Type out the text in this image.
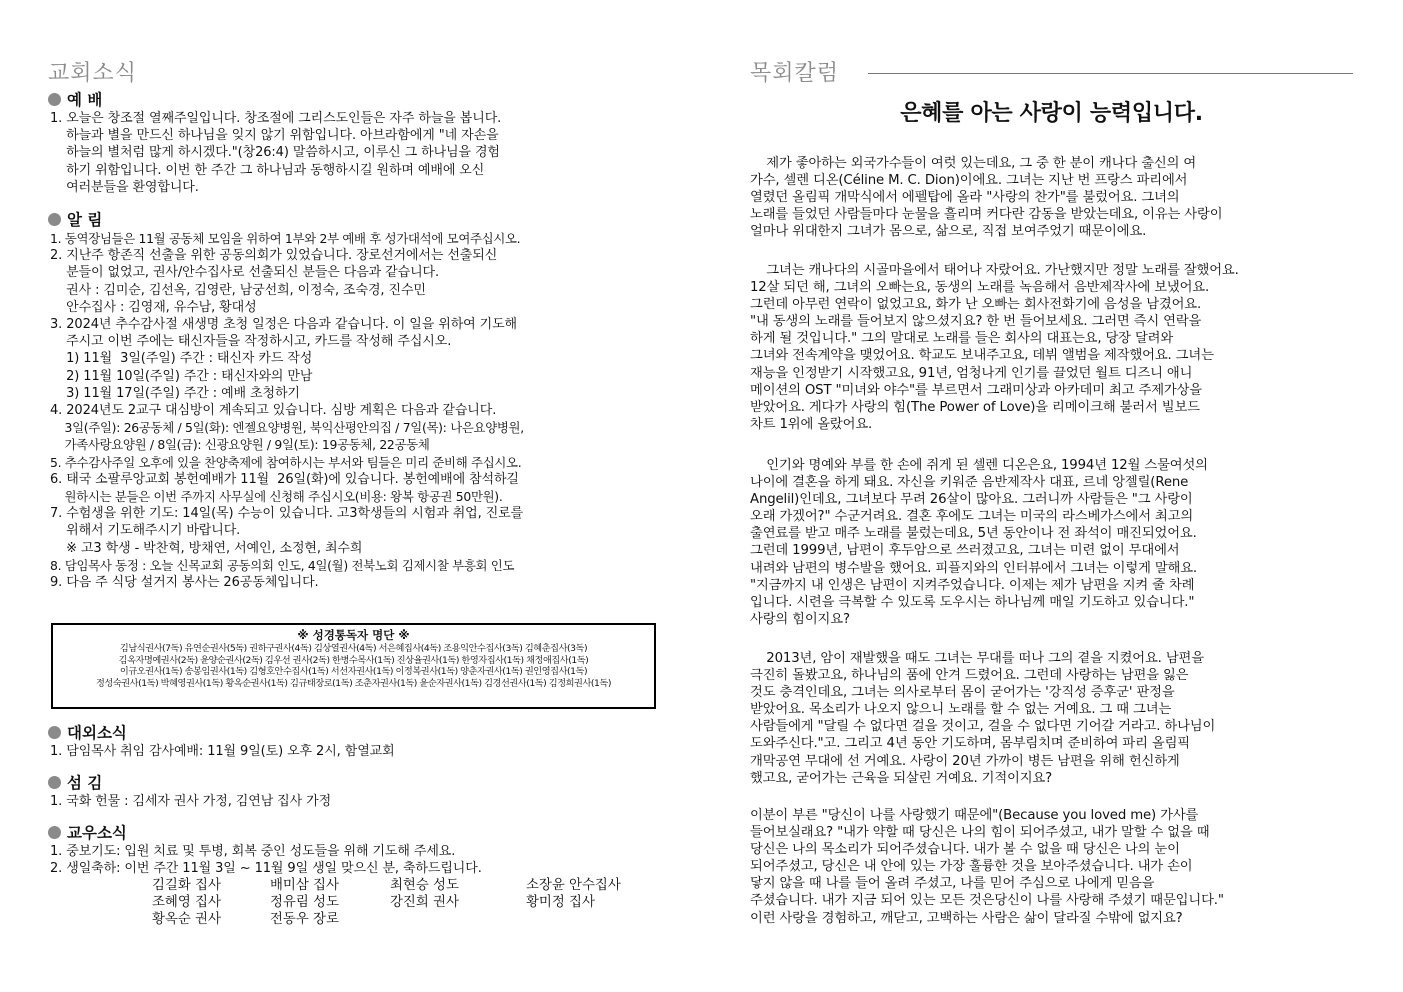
교회소식
예 배
1. 오늘은 창조절 열째주일입니다. 창조절에 그리스도인들은 자주 하늘을 봅니다.
하늘과 별을 만드신 하나님을 잊지 않기 위함입니다. 아브라함에게 "네 자손을
하늘의 별처럼 많게 하시겠다."(창26:4) 말씀하시고, 이루신 그 하나님을 경험
하기 위함입니다. 이번 한 주간 그 하나님과 동행하시길 원하며 예배에 오신
여러분들을 환영합니다.
알 림
1. 동역장님들은 11월 공동체 모임을 위하여 1부와 2부 예배 후 성가대석에 모여주십시오.
2. 지난주 항존직 선출을 위한 공동의회가 있었습니다. 장로선거에서는 선출되신
분들이 없었고, 권사/안수집사로 선출되신 분들은 다음과 같습니다.
권사 : 김미순, 김선옥, 김영란, 남궁선희, 이정숙, 조숙경, 진수민
안수집사 : 김영재, 유수남, 황대성
3. 2024년 추수감사절 새생명 초청 일정은 다음과 같습니다. 이 일을 위하여 기도해
주시고 이번 주에는 태신자들을 작정하시고, 카드를 작성해 주십시오.
1) 11월  3일(주일) 주간 : 태신자 카드 작성
2) 11월 10일(주일) 주간 : 태신자와의 만남
3) 11월 17일(주일) 주간 : 예배 초청하기
4. 2024년도 2교구 대심방이 계속되고 있습니다. 심방 계획은 다음과 같습니다.
3일(주일): 26공동체 / 5일(화): 엔젤요양병원, 북익산평안의집 / 7일(목): 나은요양병원,
가족사랑요양원 / 8일(금): 신광요양원 / 9일(토): 19공동체, 22공동체
5. 추수감사주일 오후에 있을 찬양축제에 참여하시는 부서와 팀들은 미리 준비해 주십시오.
6. 태국 소팔루앙교회 봉헌예배가 11월  26일(화)에 있습니다. 봉헌예배에 참석하길
원하시는 분들은 이번 주까지 사무실에 신청해 주십시오(비용: 왕복 항공권 50만원).
7. 수험생을 위한 기도: 14일(목) 수능이 있습니다. 고3학생들의 시험과 취업, 진로를
위해서 기도해주시기 바랍니다.
※ 고3 학생 - 박찬혁, 방채연, 서예인, 소정현, 최수희
8. 담임목사 동정 : 오늘 신목교회 공동의회 인도, 4일(월) 전북노회 김제시찰 부흥회 인도
9. 다음 주 식당 설거지 봉사는 26공동체입니다.
※ 성경통독자 명단 ※
김남식권사(7독) 유연순권사(5독) 권하구권사(4독) 김상열권사(4독) 서은혜집사(4독) 조용익안수집사(3독) 김혜춘집사(3독)
김옥자명예권사(2독) 윤양순권사(2독) 김우선 권사(2독) 한병수목사(1독) 진상율권사(1독) 한영자집사(1독) 채정애집사(1독)
이규오권사(1독) 송봉임권사(1독) 김형호안수집사(1독) 서선자권사(1독) 이정복권사(1독) 양춘자권사(1독) 권인영집사(1독)
정성숙권사(1독) 박혜영권사(1독) 황옥순권사(1독) 김규태장로(1독) 조춘자권사(1독) 윤순자권사(1독) 김경선권사(1독) 김정희권사(1독)
대외소식
1. 담임목사 취임 감사예배: 11월 9일(토) 오후 2시, 함열교회
섬 김
1. 국화 헌물 : 김세자 권사 가정, 김연남 집사 가정
교우소식
1. 중보기도: 입원 치료 및 투병, 회복 중인 성도들을 위해 기도해 주세요.
2. 생일축하: 이번 주간 11월 3일 ~ 11월 9일 생일 맞으신 분, 축하드립니다.
김길화 집사	배미삼 집사	최현승 성도	소장윤 안수집사
조혜영 집사	정유림 성도	강진희 권사	황미정 집사
황옥순 권사	전동우 장로
목회칼럼
은혜를 아는 사랑이 능력입니다.
제가 좋아하는 외국가수들이 여럿 있는데요, 그 중 한 분이 캐나다 출신의 여
가수, 셀렌 디온(Céline M. C. Dion)이에요. 그녀는 지난 번 프랑스 파리에서
열렸던 올림픽 개막식에서 에펠탑에 올라 "사랑의 찬가"를 불렀어요. 그녀의
노래를 들었던 사람들마다 눈물을 흘리며 커다란 감동을 받았는데요, 이유는 사랑이
얼마나 위대한지 그녀가 몸으로, 삶으로, 직접 보여주었기 때문이에요.
그녀는 캐나다의 시골마을에서 태어나 자랐어요. 가난했지만 정말 노래를 잘했어요.
12살 되던 해, 그녀의 오빠는요, 동생의 노래를 녹음해서 음반제작사에 보냈어요.
그런데 아무런 연락이 없었고요, 화가 난 오빠는 회사전화기에 음성을 남겼어요.
"내 동생의 노래를 들어보지 않으셨지요? 한 번 들어보세요. 그러면 즉시 연락을
하게 될 것입니다." 그의 말대로 노래를 들은 회사의 대표는요, 당장 달려와
그녀와 전속계약을 맺었어요. 학교도 보내주고요, 데뷔 앨범을 제작했어요. 그녀는
재능을 인정받기 시작했고요, 91년, 엄청나게 인기를 끌었던 월트 디즈니 애니
메이션의 OST "미녀와 야수"를 부르면서 그래미상과 아카데미 최고 주제가상을
받았어요. 게다가 사랑의 힘(The Power of Love)을 리메이크해 불러서 빌보드
차트 1위에 올랐어요.
인기와 명예와 부를 한 손에 쥐게 된 셀렌 디온은요, 1994년 12월 스물여섯의
나이에 결혼을 하게 돼요. 자신을 키워준 음반제작사 대표, 르네 앙젤릴(Rene
Angelil)인데요, 그녀보다 무려 26살이 많아요. 그러니까 사람들은 "그 사랑이
오래 가겠어?" 수군거려요. 결혼 후에도 그녀는 미국의 라스베가스에서 최고의
출연료를 받고 매주 노래를 불렀는데요, 5년 동안이나 전 좌석이 매진되었어요.
그런데 1999년, 남편이 후두암으로 쓰러졌고요, 그녀는 미련 없이 무대에서
내려와 남편의 병수발을 했어요. 피플지와의 인터뷰에서 그녀는 이렇게 말해요.
"지금까지 내 인생은 남편이 지켜주었습니다. 이제는 제가 남편을 지켜 줄 차례
입니다. 시련을 극복할 수 있도록 도우시는 하나님께 매일 기도하고 있습니다."
사랑의 힘이지요?
2013년, 암이 재발했을 때도 그녀는 무대를 떠나 그의 곁을 지켰어요. 남편을
극진히 돌봤고요, 하나님의 품에 안겨 드렸어요. 그런데 사랑하는 남편을 잃은
것도 충격인데요, 그녀는 의사로부터 몸이 굳어가는 '강직성 증후군' 판정을
받았어요. 목소리가 나오지 않으니 노래를 할 수 없는 거예요. 그 때 그녀는
사람들에게 "달릴 수 없다면 걸을 것이고, 걸을 수 없다면 기어갈 거라고. 하나님이
도와주신다."고. 그리고 4년 동안 기도하며, 몸부림치며 준비하여 파리 올림픽
개막공연 무대에 선 거예요. 사랑이 20년 가까이 병든 남편을 위해 헌신하게
했고요, 굳어가는 근육을 되살린 거예요. 기적이지요?
이분이 부른 "당신이 나를 사랑했기 때문에"(Because you loved me) 가사를
들어보실래요? "내가 약할 때 당신은 나의 힘이 되어주셨고, 내가 말할 수 없을 때
당신은 나의 목소리가 되어주셨습니다. 내가 볼 수 없을 때 당신은 나의 눈이
되어주셨고, 당신은 내 안에 있는 가장 훌륭한 것을 보아주셨습니다. 내가 손이
닿지 않을 때 나를 들어 올려 주셨고, 나를 믿어 주심으로 나에게 믿음을
주셨습니다. 내가 지금 되어 있는 모든 것은당신이 나를 사랑해 주셨기 때문입니다."
이런 사랑을 경험하고, 깨닫고, 고백하는 사람은 삶이 달라질 수밖에 없지요?
